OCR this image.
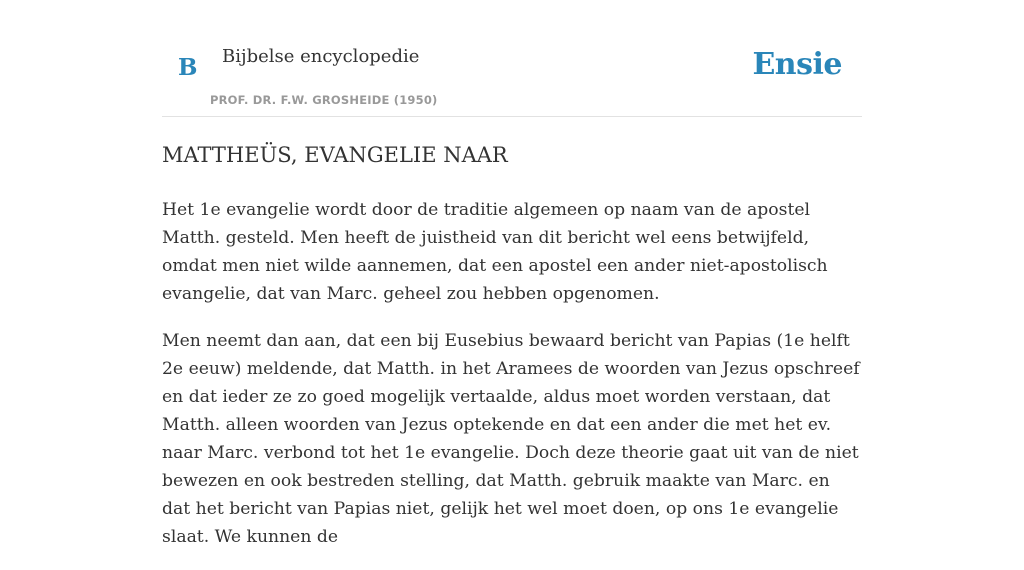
B Bijbelse encyclopedie
PROF. DR. F.W. GROSHEIDE (1950)
Ensie
MATTHEÜS, EVANGELIE NAAR

Het 1e evangelie wordt door de traditie algemeen op naam van de apostel Matth. gesteld. Men heeft de juistheid van dit bericht wel eens betwijfeld, omdat men niet wilde aannemen, dat een apostel een ander niet-apostolisch evangelie, dat van Marc. geheel zou hebben opgenomen.

Men neemt dan aan, dat een bij Eusebius bewaard bericht van Papias (1e helft 2e eeuw) meldende, dat Matth. in het Aramees de woorden van Jezus opschreef en dat ieder ze zo goed mogelijk vertaalde, aldus moet worden verstaan, dat Matth. alleen woorden van Jezus optekende en dat een ander die met het ev. naar Marc. verbond tot het 1e evangelie. Doch deze theorie gaat uit van de niet bewezen en ook bestreden stelling, dat Matth. gebruik maakte van Marc. en dat het bericht van Papias niet, gelijk het wel moet doen, op ons 1e evangelie slaat. We kunnen de
